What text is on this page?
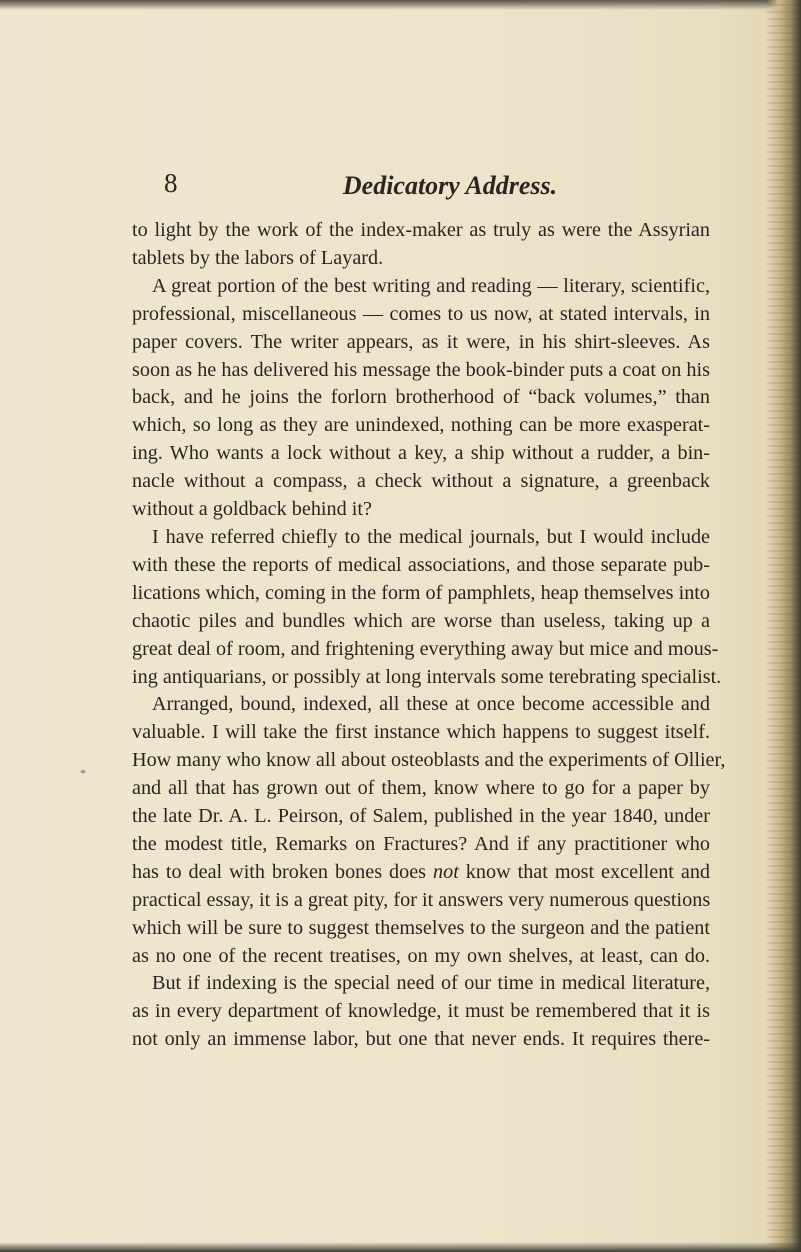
8	Dedicatory Address.
*
to light by the work of the index-maker as truly as were the Assyrian
tablets by the labors of Layard.
A great portion of the best writing and reading — literary, scientific,
professional, miscellaneous — comes to us now, at stated intervals, in
paper covers. The writer appears, as it were, in his shirt-sleeves. As
soon as he has delivered his message the book-binder puts a coat on his
back, and he joins the forlorn brotherhood of “back volumes,” than
which, so long as they are unindexed, nothing can be more exasperat-
ing. Who wants a lock without a key, a ship without a rudder, a bin-
nacle without a compass, a check without a signature, a greenback
without a goldback behind it?
I have referred chiefly to the medical journals, but I would include
with these the reports of medical associations, and those separate pub-
lications which, coming in the form of pamphlets, heap themselves into
chaotic piles and bundles which are worse than useless, taking up a
great deal of room, and frightening everything away but mice and mous-
ing antiquarians, or possibly at long intervals some terebrating specialist.
Arranged, bound, indexed, all these at once become accessible and
valuable. I will take the first instance which happens to suggest itself.
How many who know all about osteoblasts and the experiments of Ollier,
and all that has grown out of them, know where to go for a paper by
the late Dr. A. L. Peirson, of Salem, published in the year 1840, under
the modest title, Remarks on Fractures? And if any practitioner who
has to deal with broken bones does not know that most excellent and
practical essay, it is a great pity, for it answers very numerous questions
which will be sure to suggest themselves to the surgeon and the patient
as no one of the recent treatises, on my own shelves, at least, can do.
But if indexing is the special need of our time in medical literature,
as in every department of knowledge, it must be remembered that it is
not only an immense labor, but one that never ends. It requires there-
